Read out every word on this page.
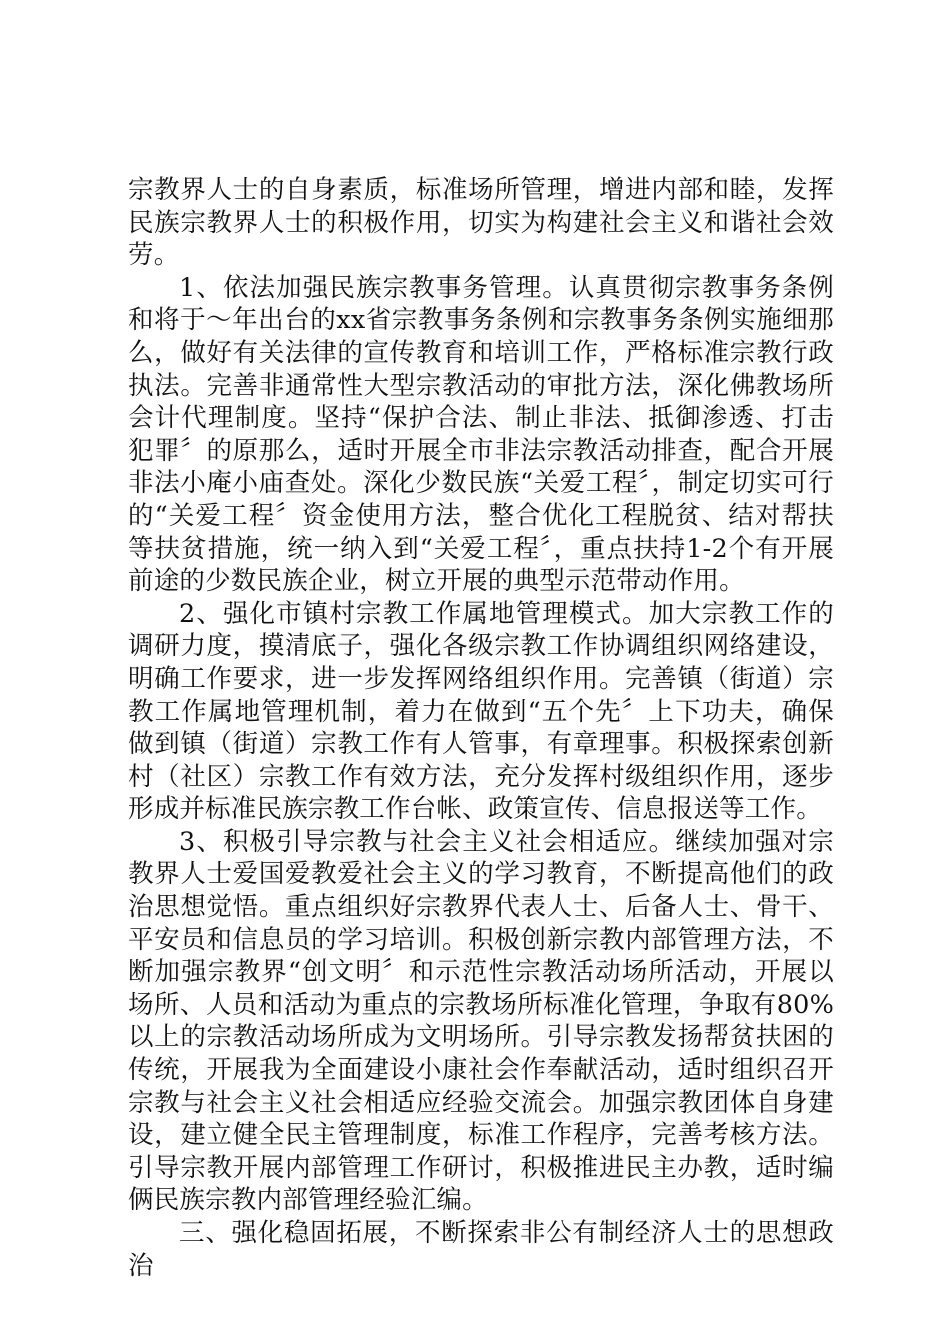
宗教界人士的自身素质，标准场所管理，增进内部和睦，发挥民族宗教界人士的积极作用，切实为构建社会主义和谐社会效劳。

1、依法加强民族宗教事务管理。认真贯彻宗教事务条例和将于～年出台的xx省宗教事务条例和宗教事务条例实施细那么，做好有关法律的宣传教育和培训工作，严格标准宗教行政执法。完善非通常性大型宗教活动的审批方法，深化佛教场所会计代理制度。坚持“保护合法、制止非法、抵御渗透、打击犯罪〞的原那么，适时开展全市非法宗教活动排查，配合开展非法小庵小庙查处。深化少数民族“关爱工程〞，制定切实可行的“关爱工程〞资金使用方法，整合优化工程脱贫、结对帮扶等扶贫措施，统一纳入到“关爱工程〞，重点扶持1-2个有开展前途的少数民族企业，树立开展的典型示范带动作用。

2、强化市镇村宗教工作属地管理模式。加大宗教工作的调研力度，摸清底子，强化各级宗教工作协调组织网络建设，明确工作要求，进一步发挥网络组织作用。完善镇（街道）宗教工作属地管理机制，着力在做到“五个先〞上下功夫，确保做到镇（街道）宗教工作有人管事，有章理事。积极探索创新村（社区）宗教工作有效方法，充分发挥村级组织作用，逐步形成并标准民族宗教工作台帐、政策宣传、信息报送等工作。

3、积极引导宗教与社会主义社会相适应。继续加强对宗教界人士爱国爱教爱社会主义的学习教育，不断提高他们的政治思想觉悟。重点组织好宗教界代表人士、后备人士、骨干、平安员和信息员的学习培训。积极创新宗教内部管理方法，不断加强宗教界“创文明〞和示范性宗教活动场所活动，开展以场所、人员和活动为重点的宗教场所标准化管理，争取有80%以上的宗教活动场所成为文明场所。引导宗教发扬帮贫扶困的传统，开展我为全面建设小康社会作奉献活动，适时组织召开宗教与社会主义社会相适应经验交流会。加强宗教团体自身建设，建立健全民主管理制度，标准工作程序，完善考核方法。引导宗教开展内部管理工作研讨，积极推进民主办教，适时编俩民族宗教内部管理经验汇编。

三、强化稳固拓展，不断探索非公有制经济人士的思想政治
